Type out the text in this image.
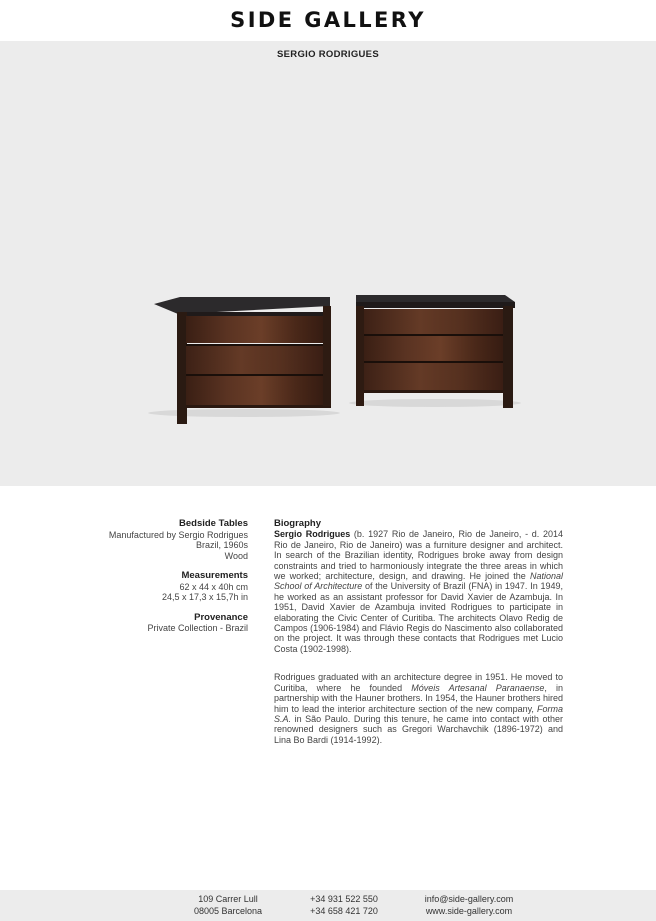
SIDE GALLERY
SERGIO RODRIGUES
Bedside Tables
Manufactured by Sergio Rodrigues
Brazil, 1960s
Wood
Measurements
62 x 44 x 40h cm
24,5 x 17,3 x 15,7h in
Provenance
Private Collection - Brazil
Biography

Sergio Rodrigues (b. 1927 Rio de Janeiro, Rio de Janeiro, - d. 2014 Rio de Janeiro, Rio de Janeiro) was a furniture designer and architect. In search of the Brazilian identity, Rodrigues broke away from design constraints and tried to harmoniously integrate the three areas in which we worked; architecture, design, and drawing. He joined the National School of Architecture of the University of Brazil (FNA) in 1947. In 1949, he worked as an assistant professor for David Xavier de Azambuja. In 1951, David Xavier de Azambuja invited Rodrigues to participate in elaborating the Civic Center of Curitiba. The architects Olavo Redig de Campos (1906-1984) and Flávio Regis do Nascimento also collaborated on the project. It was through these contacts that Rodrigues met Lucio Costa (1902-1998).

Rodrigues graduated with an architecture degree in 1951. He moved to Curitiba, where he founded Móveis Artesanal Paranaense, in partnership with the Hauner brothers. In 1954, the Hauner brothers hired him to lead the interior architecture section of the new company, Forma S.A. in São Paulo. During this tenure, he came into contact with other renowned designers such as Gregori Warchavchik (1896-1972) and Lina Bo Bardi (1914-1992).

109 Carrer Lull
08005 Barcelona
+34 931 522 550
+34 658 421 720
info@side-gallery.com
www.side-gallery.com
